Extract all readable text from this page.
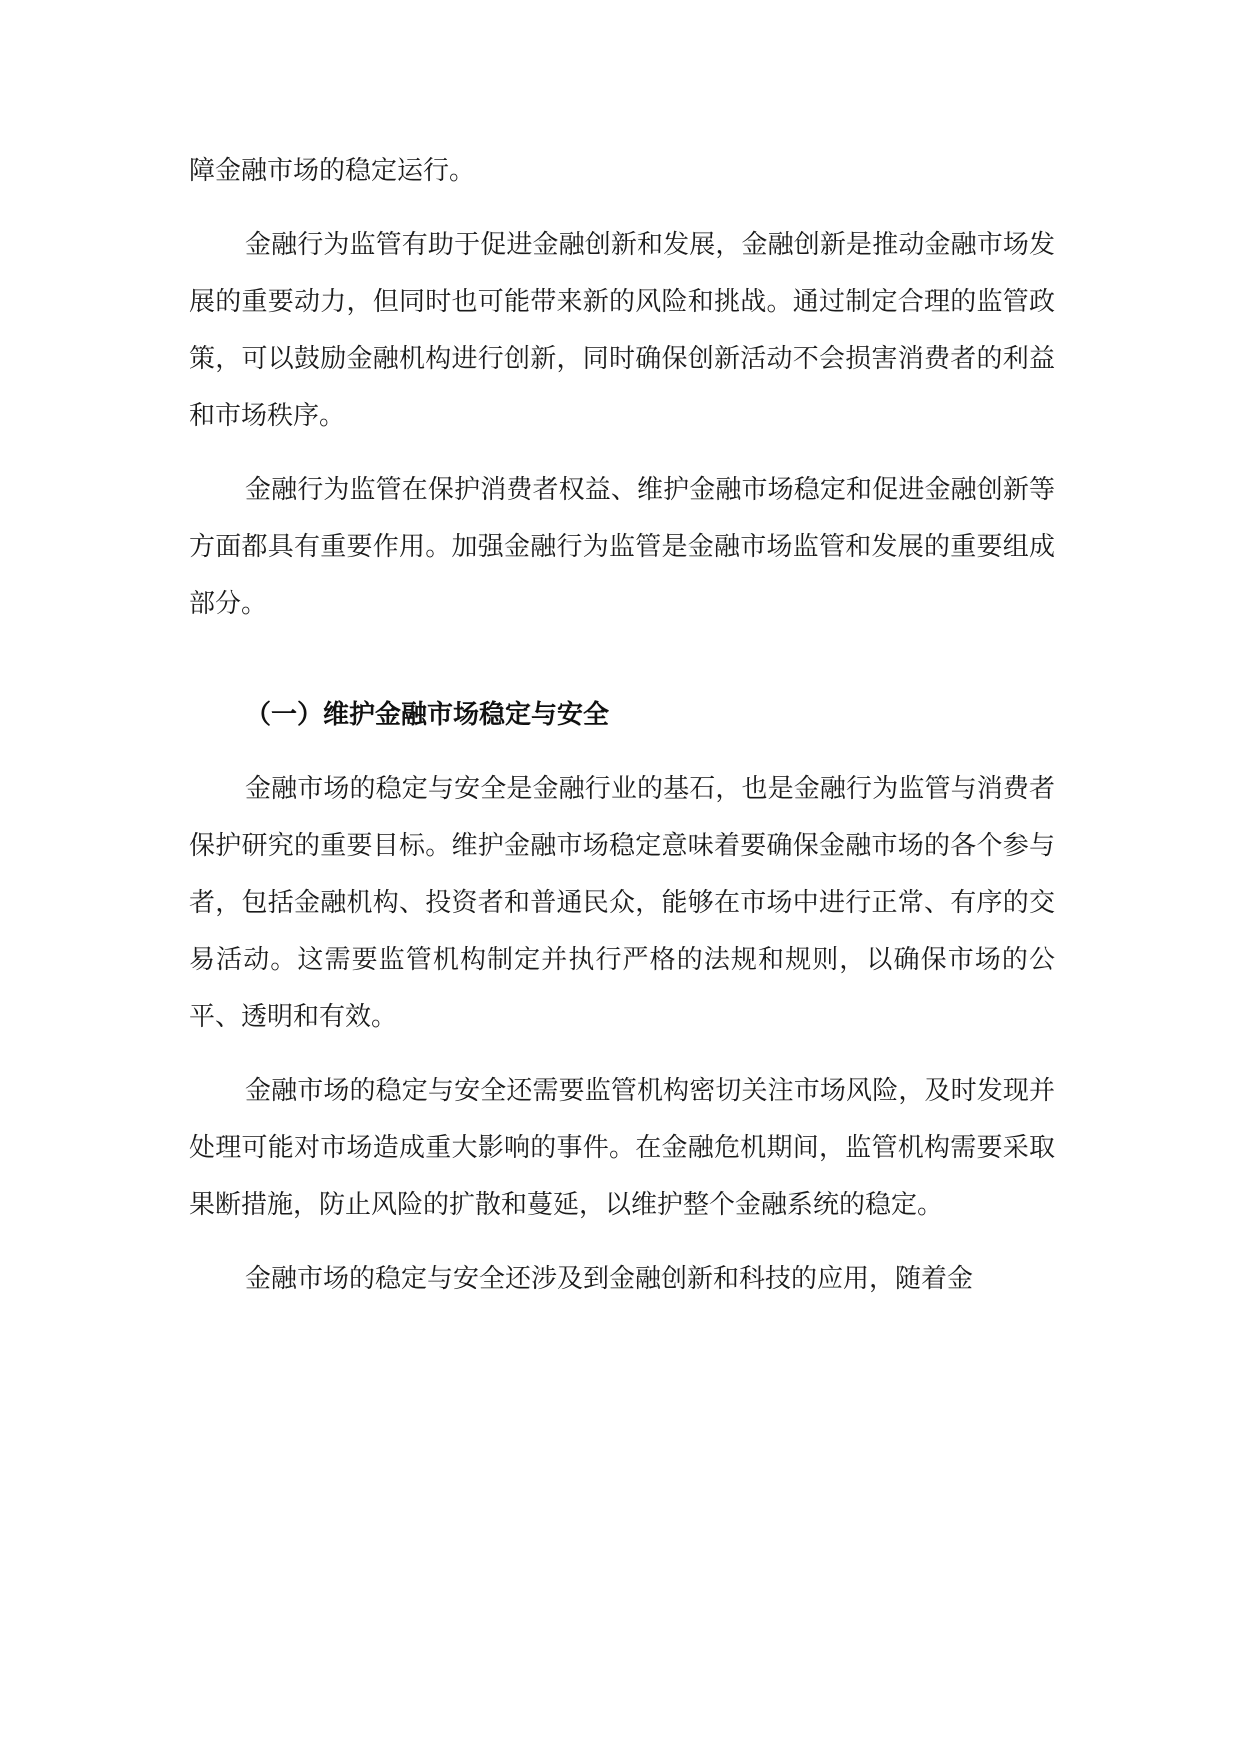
障金融市场的稳定运行。

金融行为监管有助于促进金融创新和发展，金融创新是推动金融市场发展的重要动力，但同时也可能带来新的风险和挑战。通过制定合理的监管政策，可以鼓励金融机构进行创新，同时确保创新活动不会损害消费者的利益和市场秩序。

金融行为监管在保护消费者权益、维护金融市场稳定和促进金融创新等方面都具有重要作用。加强金融行为监管是金融市场监管和发展的重要组成部分。

（一）维护金融市场稳定与安全

金融市场的稳定与安全是金融行业的基石，也是金融行为监管与消费者保护研究的重要目标。维护金融市场稳定意味着要确保金融市场的各个参与者，包括金融机构、投资者和普通民众，能够在市场中进行正常、有序的交易活动。这需要监管机构制定并执行严格的法规和规则，以确保市场的公平、透明和有效。

金融市场的稳定与安全还需要监管机构密切关注市场风险，及时发现并处理可能对市场造成重大影响的事件。在金融危机期间，监管机构需要采取果断措施，防止风险的扩散和蔓延，以维护整个金融系统的稳定。

金融市场的稳定与安全还涉及到金融创新和科技的应用，随着金
